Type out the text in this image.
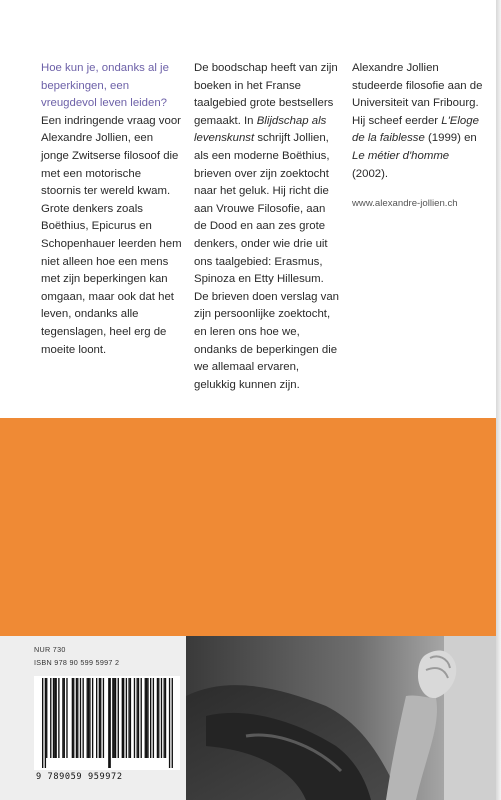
Hoe kun je, ondanks al je beperkingen, een vreugdevol leven leiden?

Een indringende vraag voor Alexandre Jollien, een jonge Zwitserse filosoof die met een motorische stoornis ter wereld kwam. Grote denkers zoals Boëthius, Epicurus en Schopenhauer leerden hem niet alleen hoe een mens met zijn beperkingen kan omgaan, maar ook dat het leven, ondanks alle tegenslagen, heel erg de moeite loont.

De boodschap heeft van zijn boeken in het Franse taalgebied grote bestsellers gemaakt. In Blijdschap als levenskunst schrijft Jollien, als een moderne Boëthius, brieven over zijn zoektocht naar het geluk. Hij richt die aan Vrouwe Filosofie, aan de Dood en aan zes grote denkers, onder wie drie uit ons taalgebied: Erasmus, Spinoza en Etty Hillesum. De brieven doen verslag van zijn persoonlijke zoektocht, en leren ons hoe we, ondanks de beperkingen die we allemaal ervaren, gelukkig kunnen zijn.

Alexandre Jollien studeerde filosofie aan de Universiteit van Fribourg. Hij scheef eerder L'Eloge de la faiblesse (1999) en Le métier d'homme (2002).

www.alexandre-jollien.ch

NUR 730
ISBN 978 90 599 5997 2
9 789059 959972
